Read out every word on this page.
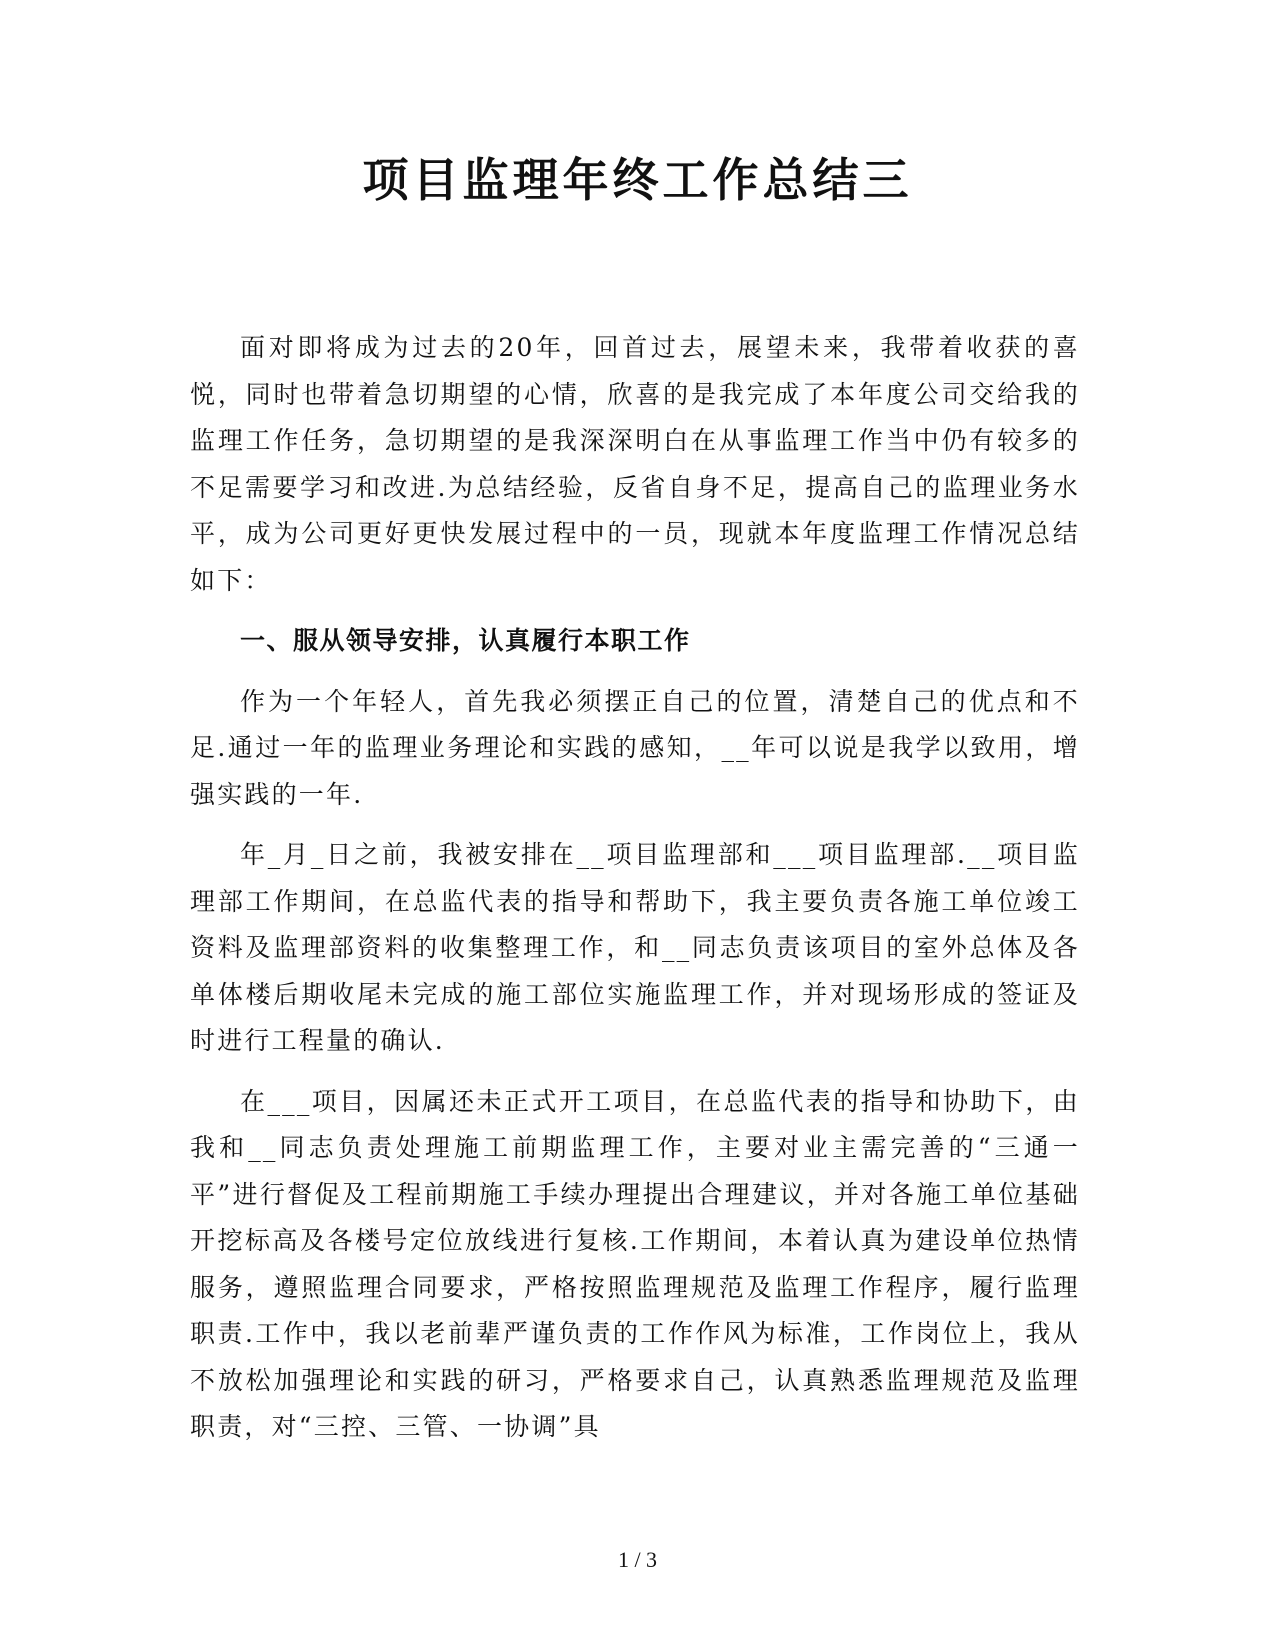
项目监理年终工作总结三

面对即将成为过去的20年，回首过去，展望未来，我带着收获的喜悦，同时也带着急切期望的心情，欣喜的是我完成了本年度公司交给我的监理工作任务，急切期望的是我深深明白在从事监理工作当中仍有较多的不足需要学习和改进.为总结经验，反省自身不足，提高自己的监理业务水平，成为公司更好更快发展过程中的一员，现就本年度监理工作情况总结如下：

一、服从领导安排，认真履行本职工作

作为一个年轻人，首先我必须摆正自己的位置，清楚自己的优点和不足.通过一年的监理业务理论和实践的感知，__年可以说是我学以致用，增强实践的一年.

年_月_日之前，我被安排在__项目监理部和___项目监理部.__项目监理部工作期间，在总监代表的指导和帮助下，我主要负责各施工单位竣工资料及监理部资料的收集整理工作，和__同志负责该项目的室外总体及各单体楼后期收尾未完成的施工部位实施监理工作，并对现场形成的签证及时进行工程量的确认.

在___项目，因属还未正式开工项目，在总监代表的指导和协助下，由我和__同志负责处理施工前期监理工作，主要对业主需完善的“三通一平”进行督促及工程前期施工手续办理提出合理建议，并对各施工单位基础开挖标高及各楼号定位放线进行复核.工作期间，本着认真为建设单位热情服务，遵照监理合同要求，严格按照监理规范及监理工作程序，履行监理职责.工作中，我以老前辈严谨负责的工作作风为标准，工作岗位上，我从不放松加强理论和实践的研习，严格要求自己，认真熟悉监理规范及监理职责，对“三控、三管、一协调”具

1 / 3
